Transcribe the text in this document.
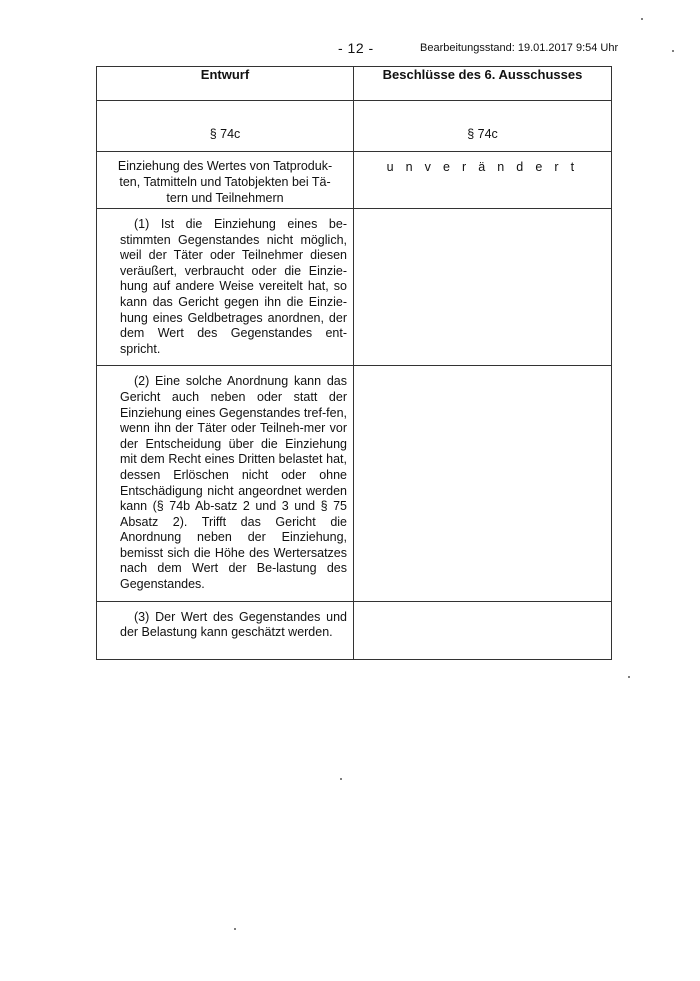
- 12 -	Bearbeitungsstand: 19.01.2017 9:54 Uhr
Entwurf	Beschlüsse des 6. Ausschusses

§ 74c	§ 74c

Einziehung des Wertes von Tatproduk-ten, Tatmitteln und Tatobjekten bei Tä-tern und Teilnehmern	u n v e r ä n d e r t

(1) Ist die Einziehung eines be-stimmten Gegenstandes nicht möglich, weil der Täter oder Teilnehmer diesen veräußert, verbraucht oder die Einzie-hung auf andere Weise vereitelt hat, so kann das Gericht gegen ihn die Einzie-hung eines Geldbetrages anordnen, der dem Wert des Gegenstandes ent-spricht.	

(2) Eine solche Anordnung kann das Gericht auch neben oder statt der Einziehung eines Gegenstandes tref-fen, wenn ihn der Täter oder Teilneh-mer vor der Entscheidung über die Einziehung mit dem Recht eines Dritten belastet hat, dessen Erlöschen nicht oder ohne Entschädigung nicht angeordnet werden kann (§ 74b Ab-satz 2 und 3 und § 75 Absatz 2). Trifft das Gericht die Anordnung neben der Einziehung, bemisst sich die Höhe des Wertersatzes nach dem Wert der Be-lastung des Gegenstandes.	

(3) Der Wert des Gegenstandes und der Belastung kann geschätzt werden.	
